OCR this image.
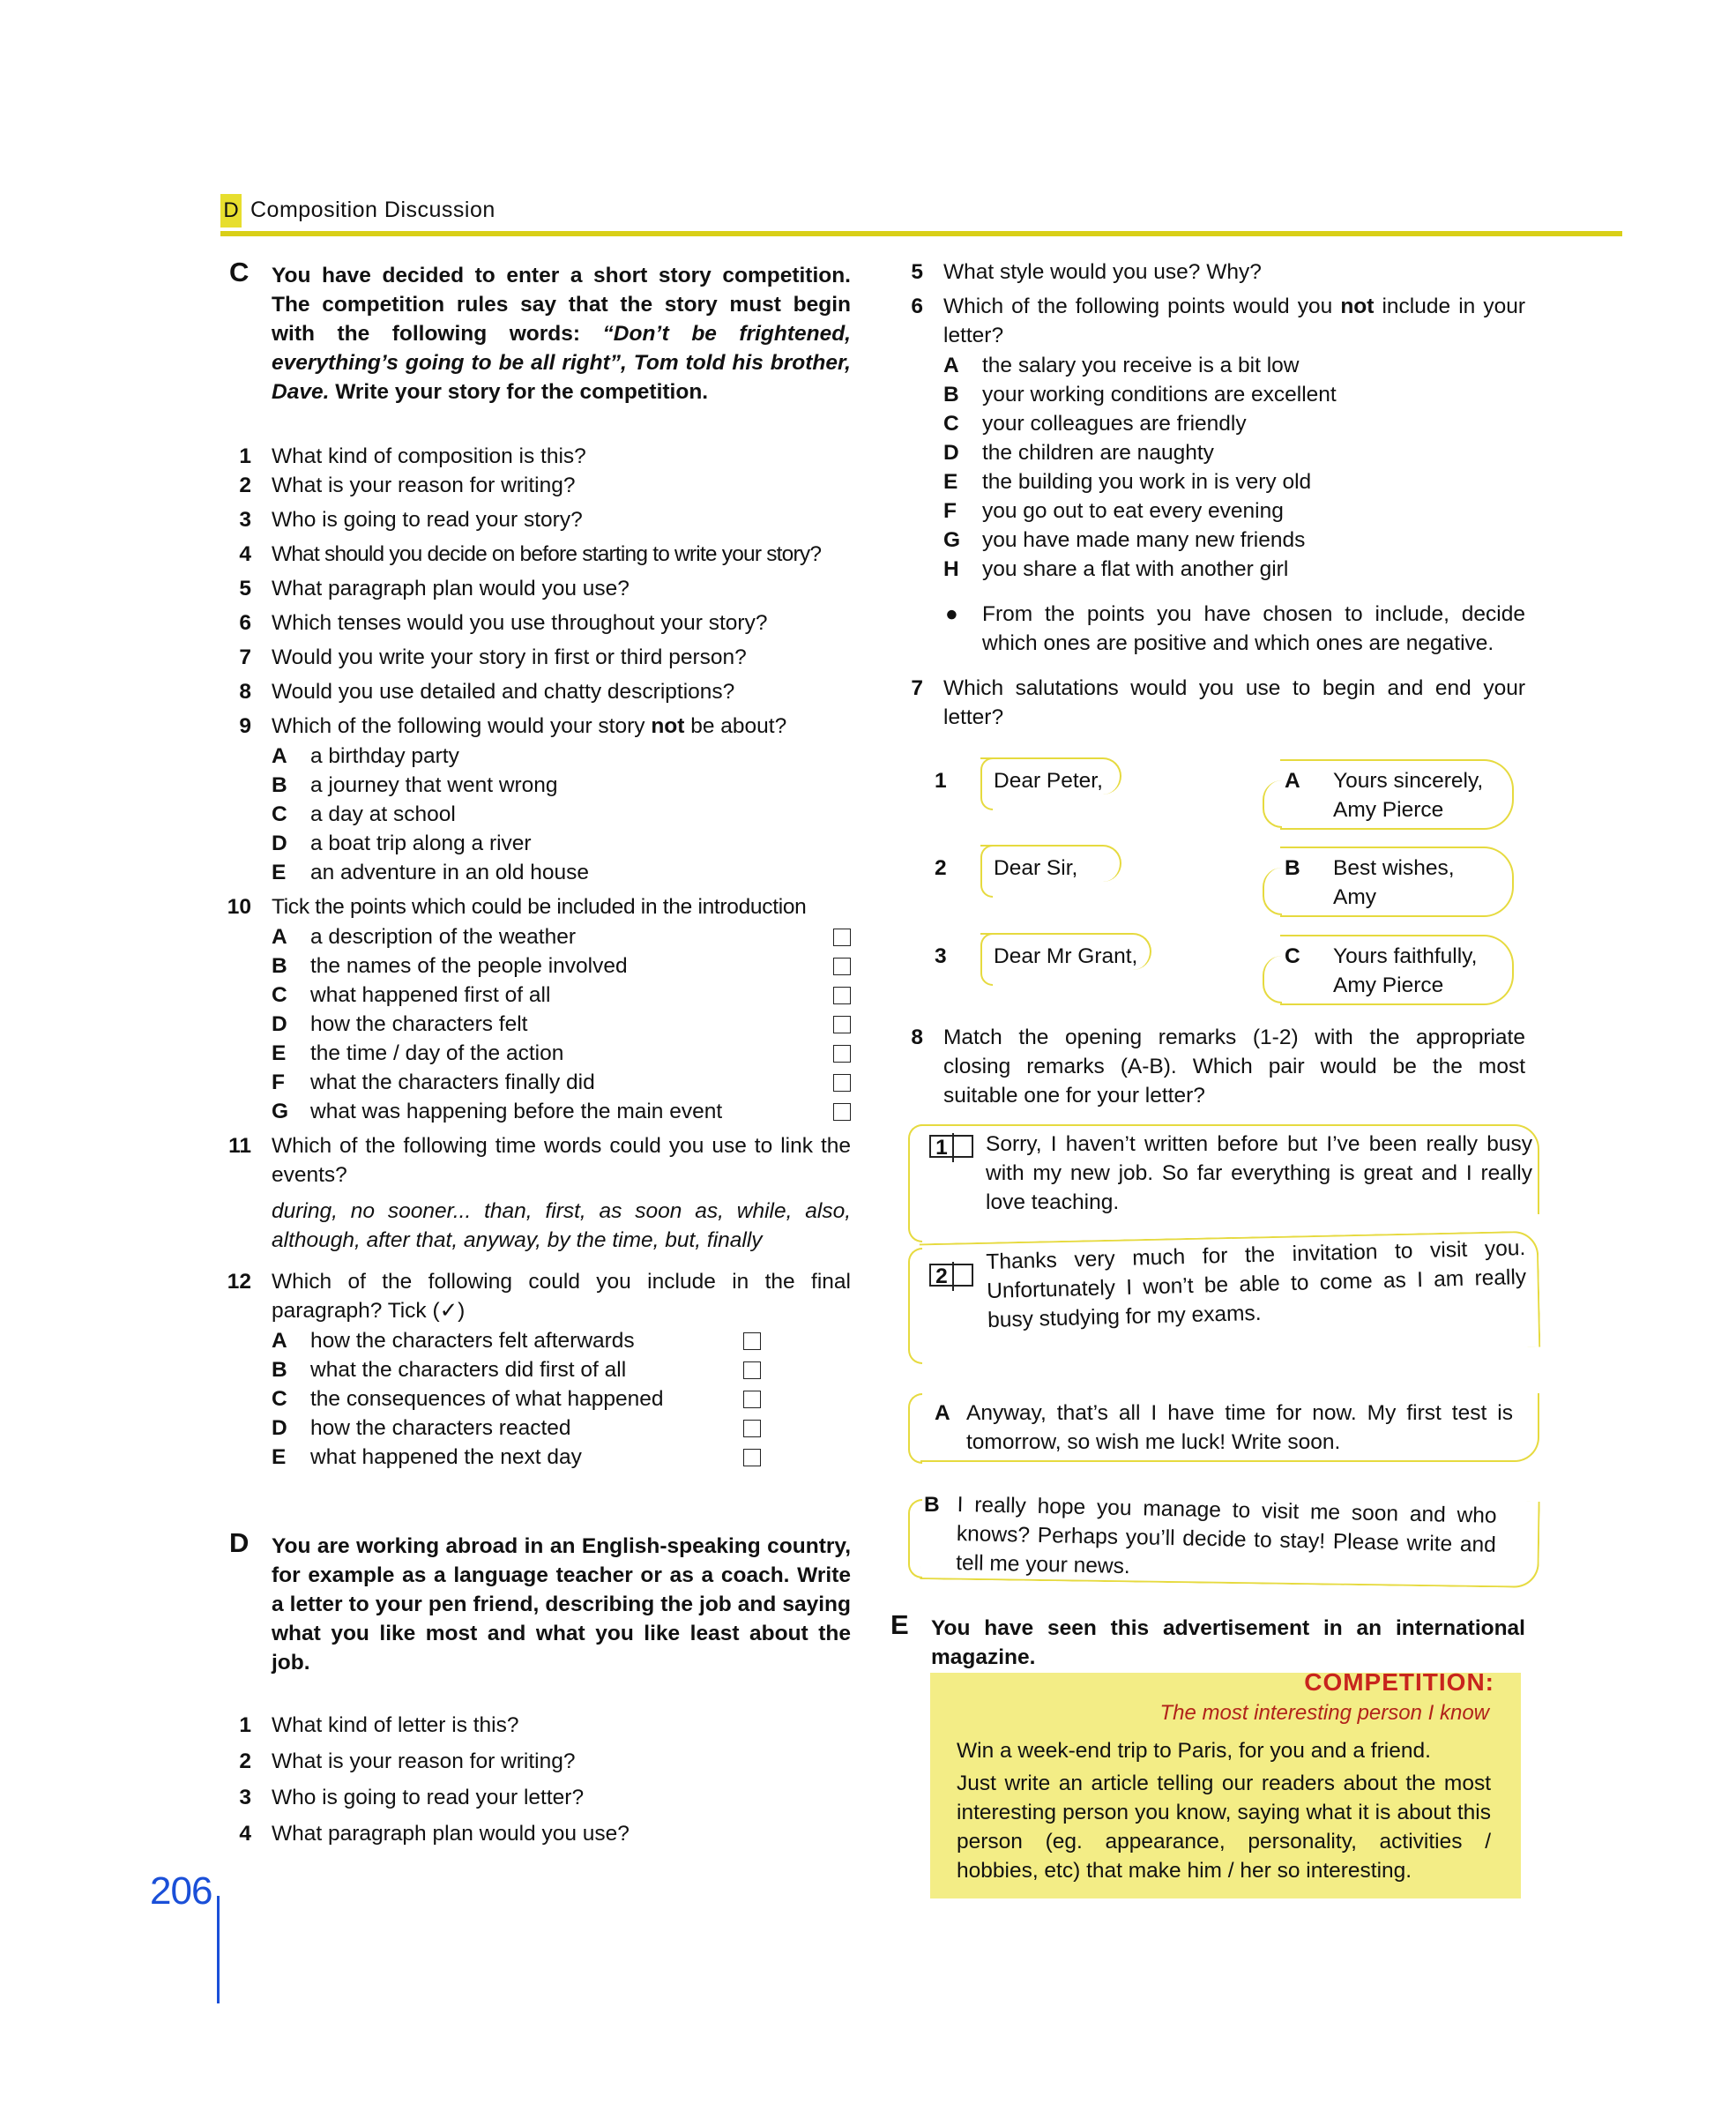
D Composition Discussion
C You have decided to enter a short story competition. The competition rules say that the story must begin with the following words: “Don’t be frightened, everything’s going to be all right”, Tom told his brother, Dave. Write your story for the competition.
1 What kind of composition is this?
2 What is your reason for writing?
3 Who is going to read your story?
4 What should you decide on before starting to write your story?
5 What paragraph plan would you use?
6 Which tenses would you use throughout your story?
7 Would you write your story in first or third person?
8 Would you use detailed and chatty descriptions?
9 Which of the following would your story not be about?
A a birthday party
B a journey that went wrong
C a day at school
D a boat trip along a river
E an adventure in an old house
10 Tick the points which could be included in the introduction
A a description of the weather
B the names of the people involved
C what happened first of all
D how the characters felt
E the time / day of the action
F what the characters finally did
G what was happening before the main event
11 Which of the following time words could you use to link the events?
during, no sooner... than, first, as soon as, while, also, although, after that, anyway, by the time, but, finally
12 Which of the following could you include in the final paragraph? Tick (✓)
A how the characters felt afterwards
B what the characters did first of all
C the consequences of what happened
D how the characters reacted
E what happened the next day
D You are working abroad in an English-speaking country, for example as a language teacher or as a coach. Write a letter to your pen friend, describing the job and saying what you like most and what you like least about the job.
1 What kind of letter is this?
2 What is your reason for writing?
3 Who is going to read your letter?
4 What paragraph plan would you use?
5 What style would you use? Why?
6 Which of the following points would you not include in your letter?
A the salary you receive is a bit low
B your working conditions are excellent
C your colleagues are friendly
D the children are naughty
E the building you work in is very old
F you go out to eat every evening
G you have made many new friends
H you share a flat with another girl
● From the points you have chosen to include, decide which ones are positive and which ones are negative.
7 Which salutations would you use to begin and end your letter?
1 Dear Peter,
2 Dear Sir,
3 Dear Mr Grant,
A Yours sincerely,
Amy Pierce
B Best wishes,
Amy
C Yours faithfully,
Amy Pierce
8 Match the opening remarks (1-2) with the appropriate closing remarks (A-B). Which pair would be the most suitable one for your letter?
1 Sorry, I haven’t written before but I’ve been really busy with my new job. So far everything is great and I really love teaching.
2
Thanks very much for the invitation to visit you. Unfortunately I won’t be able to come as I am really busy studying for my exams.
A Anyway, that’s all I have time for now. My first test is tomorrow, so wish me luck! Write soon.
B I really hope you manage to visit me soon and who knows? Perhaps you’ll decide to stay! Please write and tell me your news.
E You have seen this advertisement in an international magazine.
COMPETITION:
The most interesting person I know
Win a week-end trip to Paris, for you and a friend.
Just write an article telling our readers about the most interesting person you know, saying what it is about this person (eg. appearance, personality, activities / hobbies, etc) that make him / her so interesting.
206
